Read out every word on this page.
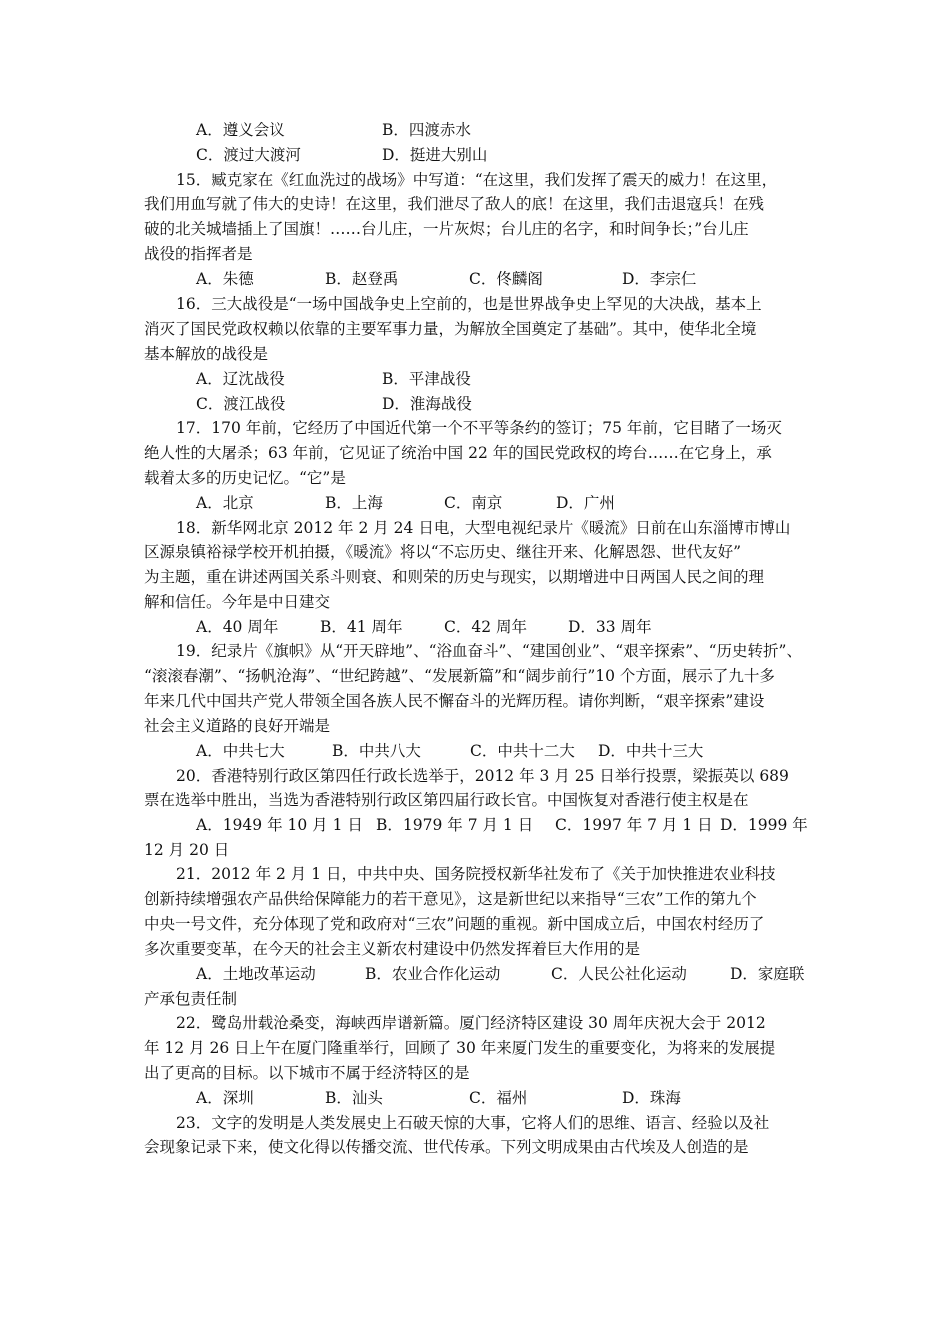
A．遵义会议	B．四渡赤水
C．渡过大渡河	D．挺进大别山
15．臧克家在《红血洗过的战场》中写道：“在这里，我们发挥了震天的威力！在这里，
我们用血写就了伟大的史诗！在这里，我们泄尽了敌人的底！在这里，我们击退寇兵！在残
破的北关城墙插上了国旗！……台儿庄，一片灰烬；台儿庄的名字，和时间争长；”台儿庄
战役的指挥者是
A．朱德	B．赵登禹	C．佟麟阁	D．李宗仁
16．三大战役是“一场中国战争史上空前的，也是世界战争史上罕见的大决战，基本上
消灭了国民党政权赖以依靠的主要军事力量，为解放全国奠定了基础”。其中，使华北全境
基本解放的战役是
A．辽沈战役	B．平津战役
C．渡江战役	D．淮海战役
17．170 年前，它经历了中国近代第一个不平等条约的签订；75 年前，它目睹了一场灭
绝人性的大屠杀；63 年前，它见证了统治中国 22 年的国民党政权的垮台……在它身上，承
载着太多的历史记忆。“它”是
A．北京	B．上海	C．南京	D．广州
18．新华网北京 2012 年 2 月 24 日电，大型电视纪录片《暖流》日前在山东淄博市博山
区源泉镇裕禄学校开机拍摄，《暖流》将以“不忘历史、继往开来、化解恩怨、世代友好”
为主题，重在讲述两国关系斗则衰、和则荣的历史与现实，以期增进中日两国人民之间的理
解和信任。今年是中日建交
A．40 周年	B．41 周年	C．42 周年	D．33 周年
19．纪录片《旗帜》从“开天辟地”、“浴血奋斗”、“建国创业”、“艰辛探索”、“历史转折”、
“滚滚春潮”、“扬帆沧海”、“世纪跨越”、“发展新篇”和“阔步前行”10 个方面，展示了九十多
年来几代中国共产党人带领全国各族人民不懈奋斗的光辉历程。请你判断，“艰辛探索”建设
社会主义道路的良好开端是
A．中共七大	B．中共八大	C．中共十二大 D．中共十三大
20．香港特别行政区第四任行政长选举于，2012 年 3 月 25 日举行投票，梁振英以 689
票在选举中胜出，当选为香港特别行政区第四届行政长官。中国恢复对香港行使主权是在
A．1949 年 10 月 1 日 B．1979 年 7 月 1 日 C．1997 年 7 月 1 日 D．1999 年
12 月 20 日
21．2012 年 2 月 1 日，中共中央、国务院授权新华社发布了《关于加快推进农业科技
创新持续增强农产品供给保障能力的若干意见》，这是新世纪以来指导“三农”工作的第九个
中央一号文件，充分体现了党和政府对“三农”问题的重视。新中国成立后，中国农村经历了
多次重要变革，在今天的社会主义新农村建设中仍然发挥着巨大作用的是
A．土地改革运动	B．农业合作化运动	C．人民公社化运动	D．家庭联
产承包责任制
22．鹭岛卅载沧桑变，海峡西岸谱新篇。厦门经济特区建设 30 周年庆祝大会于 2012
年 12 月 26 日上午在厦门隆重举行，回顾了 30 年来厦门发生的重要变化，为将来的发展提
出了更高的目标。以下城市不属于经济特区的是
A．深圳	B．汕头	C．福州	D．珠海
23．文字的发明是人类发展史上石破天惊的大事，它将人们的思维、语言、经验以及社
会现象记录下来，使文化得以传播交流、世代传承。下列文明成果由古代埃及人创造的是
